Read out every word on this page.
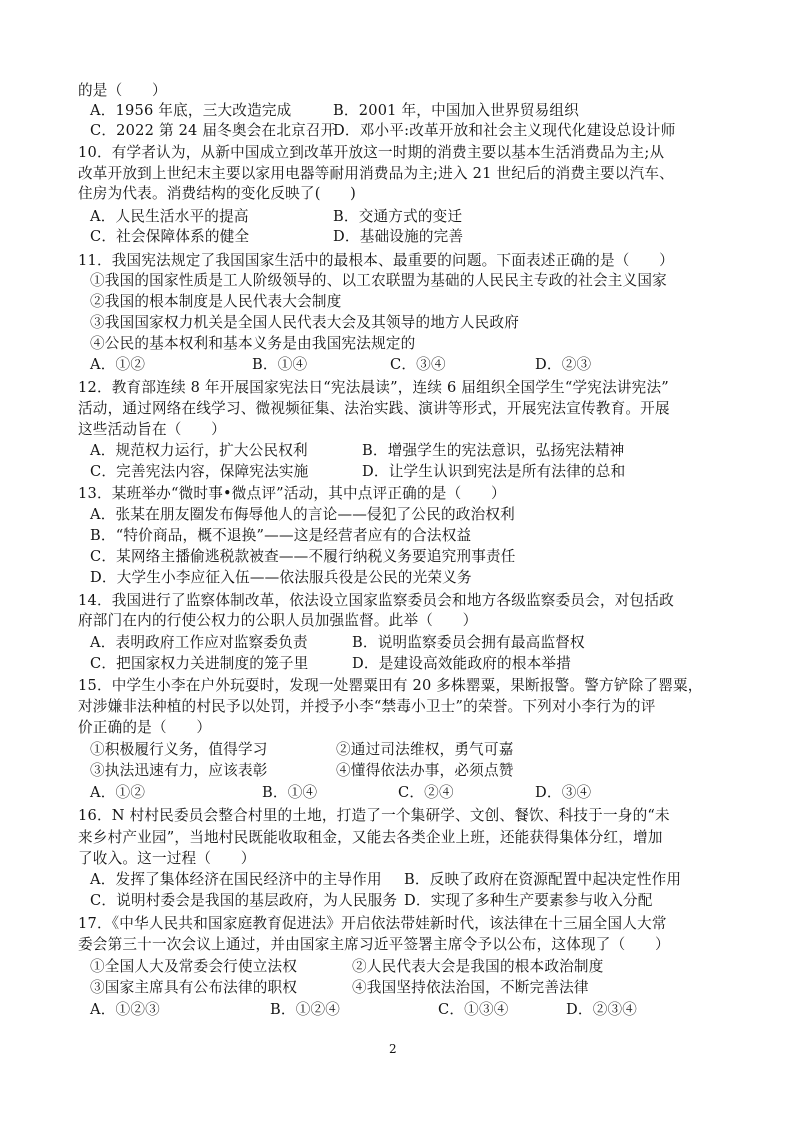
的是（　　）
A．1956 年底，三大改造完成	B．2001 年，中国加入世界贸易组织
C．2022 第 24 届冬奥会在北京召开
D．邓小平:改革开放和社会主义现代化建设总设计师
10．有学者认为，从新中国成立到改革开放这一时期的消费主要以基本生活消费品为主;从
改革开放到上世纪末主要以家用电器等耐用消费品为主;进入 21 世纪后的消费主要以汽车、
住房为代表。消费结构的变化反映了(　　)
A．人民生活水平的提高	B．交通方式的变迁
C．社会保障体系的健全	D．基础设施的完善
11．我国宪法规定了我国国家生活中的最根本、最重要的问题。下面表述正确的是（　　）
①我国的国家性质是工人阶级领导的、以工农联盟为基础的人民民主专政的社会主义国家
②我国的根本制度是人民代表大会制度
③我国国家权力机关是全国人民代表大会及其领导的地方人民政府
④公民的基本权利和基本义务是由我国宪法规定的
A．①②	B．①④	C．③④	D．②③
12．教育部连续 8 年开展国家宪法日“宪法晨读”，连续 6 届组织全国学生“学宪法讲宪法”
活动，通过网络在线学习、微视频征集、法治实践、演讲等形式，开展宪法宣传教育。开展
这些活动旨在（　　）
A．规范权力运行，扩大公民权利	B．增强学生的宪法意识，弘扬宪法精神
C．完善宪法内容，保障宪法实施	D．让学生认识到宪法是所有法律的总和
13．某班举办“微时事•微点评”活动，其中点评正确的是（　　）
A．张某在朋友圈发布侮辱他人的言论——侵犯了公民的政治权利
B．“特价商品，概不退换”——这是经营者应有的合法权益
C．某网络主播偷逃税款被查——不履行纳税义务要追究刑事责任
D．大学生小李应征入伍——依法服兵役是公民的光荣义务
14．我国进行了监察体制改革，依法设立国家监察委员会和地方各级监察委员会，对包括政
府部门在内的行使公权力的公职人员加强监督。此举（　　）
A．表明政府工作应对监察委负责	B．说明监察委员会拥有最高监督权
C．把国家权力关进制度的笼子里	D．是建设高效能政府的根本举措
15．中学生小李在户外玩耍时，发现一处罂粟田有 20 多株罂粟，果断报警。警方铲除了罂粟，
对涉嫌非法种植的村民予以处罚，并授予小李“禁毒小卫士”的荣誉。下列对小李行为的评
价正确的是（　　）
①积极履行义务，值得学习	②通过司法维权，勇气可嘉
③执法迅速有力，应该表彰	④懂得依法办事，必须点赞
A．①②	B．①④	C．②④	D．③④
16．N 村村民委员会整合村里的土地，打造了一个集研学、文创、餐饮、科技于一身的“未
来乡村产业园”，当地村民既能收取租金，又能去各类企业上班，还能获得集体分红，增加
了收入。这一过程（　　）
A．发挥了集体经济在国民经济中的主导作用 B．反映了政府在资源配置中起决定性作用
C．说明村委会是我国的基层政府，为人民服务 D．实现了多种生产要素参与收入分配
17．《中华人民共和国家庭教育促进法》开启依法带娃新时代，该法律在十三届全国人大常
委会第三十一次会议上通过，并由国家主席习近平签署主席令予以公布，这体现了（　　）
①全国人大及常委会行使立法权	②人民代表大会是我国的根本政治制度
③国家主席具有公布法律的职权	④我国坚持依法治国，不断完善法律
A．①②③	B．①②④	C．①③④	D．②③④
2
